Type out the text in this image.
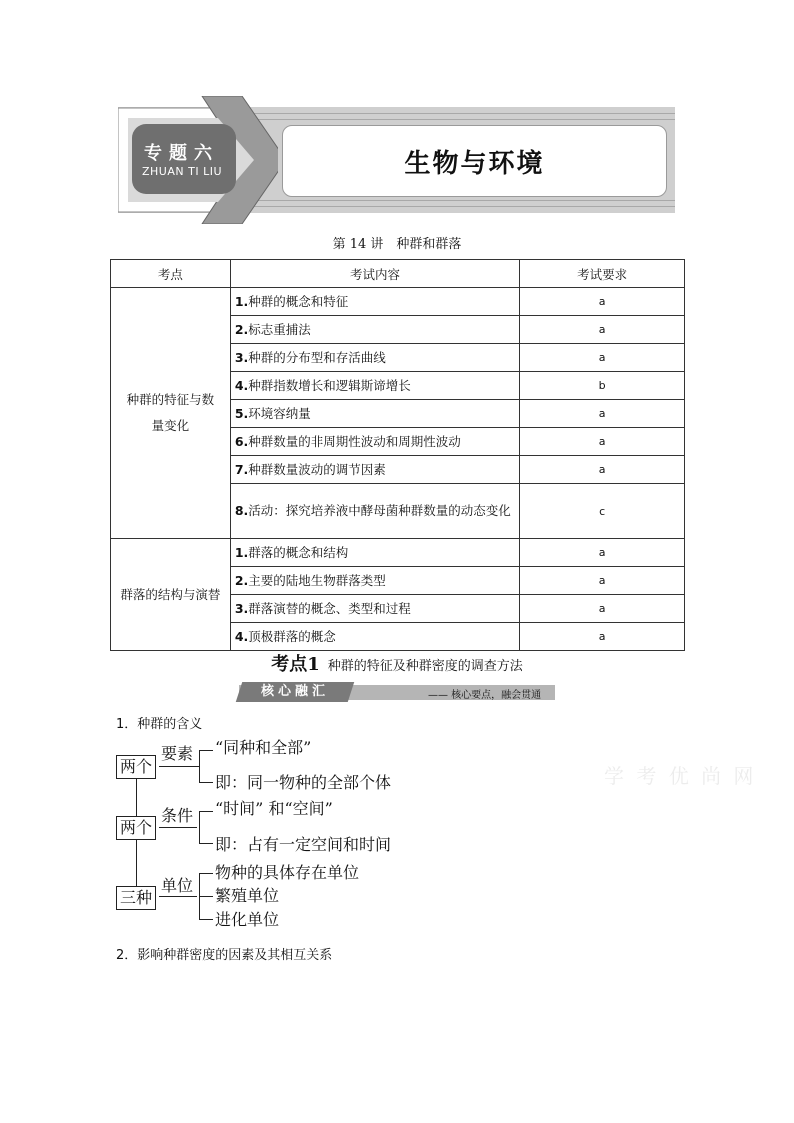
生物与环境
专题六
ZHUAN TI LIU
第 14 讲　种群和群落
考点	考试内容	考试要求
种群的特征与数量变化	1.种群的概念和特征	a
	2.标志重捕法	a
	3.种群的分布型和存活曲线	a
	4.种群指数增长和逻辑斯谛增长	b
	5.环境容纳量	a
	6.种群数量的非周期性波动和周期性波动	a
	7.种群数量波动的调节因素	a
	8.活动：探究培养液中酵母菌种群数量的动态变化	c
群落的结构与演替	1.群落的概念和结构	a
	2.主要的陆地生物群落类型	a
	3.群落演替的概念、类型和过程	a
	4.顶极群落的概念	a
考点1 种群的特征及种群密度的调查方法
核心融汇	—— 核心要点，融会贯通
1．种群的含义
两个
要素 “同种和全部”
即：同一物种的全部个体
两个
条件 “时间” 和“空间”
即：占有一定空间和时间
三种
单位
物种的具体存在单位
繁殖单位
进化单位
学 考 优 尚 网
2．影响种群密度的因素及其相互关系
